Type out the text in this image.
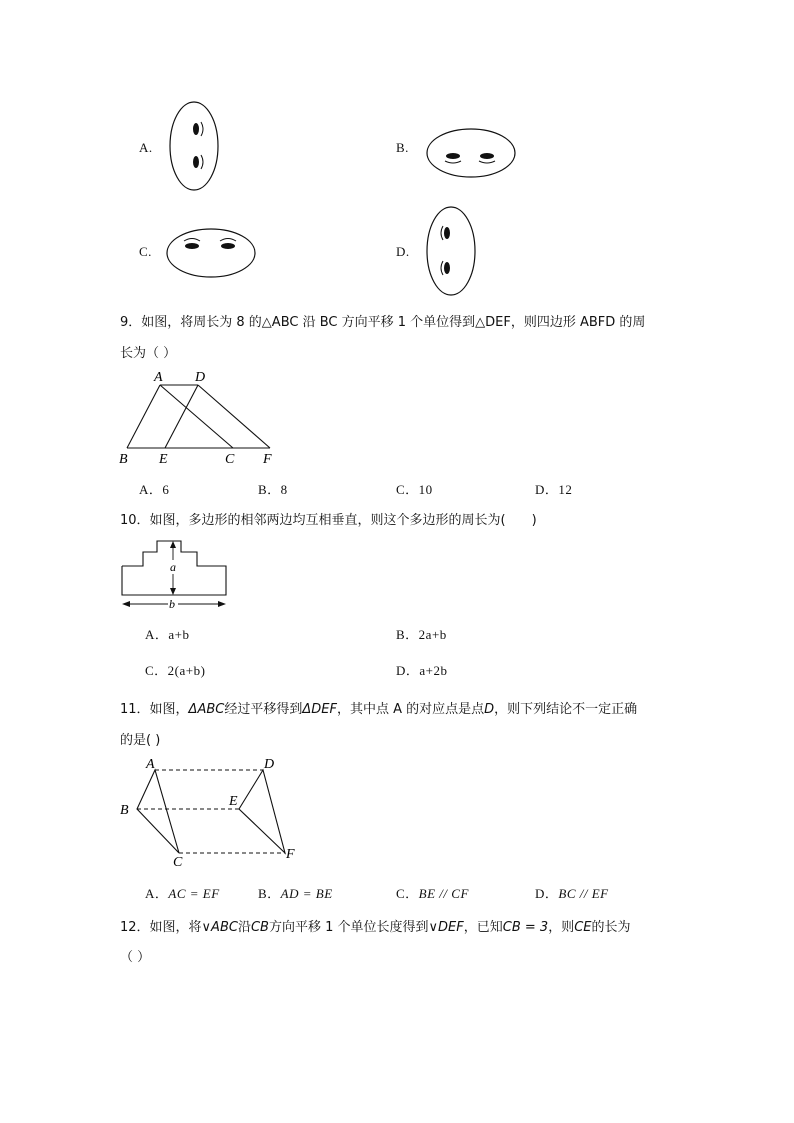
A.	B.
C.	D.
9．如图，将周长为 8 的△ABC 沿 BC 方向平移 1 个单位得到△DEF，则四边形 ABFD 的周
长为（ ）
A D
B E	C F
A．6	B．8	C．10	D．12
10．如图，多边形的相邻两边均互相垂直，则这个多边形的周长为(　　)
a
b
A．a+b	B．2a+b
C．2(a+b)	D．a+2b
11．如图，ΔABC经过平移得到ΔDEF，其中点 A 的对应点是点D，则下列结论不一定正确
的是( )
A	D
B
E
C
F
A．AC = EF	B．AD = BE	C．BE // CF	D．BC // EF
12．如图，将∨ABC沿CB方向平移 1 个单位长度得到∨DEF，已知CB = 3，则CE的长为
（ ）
